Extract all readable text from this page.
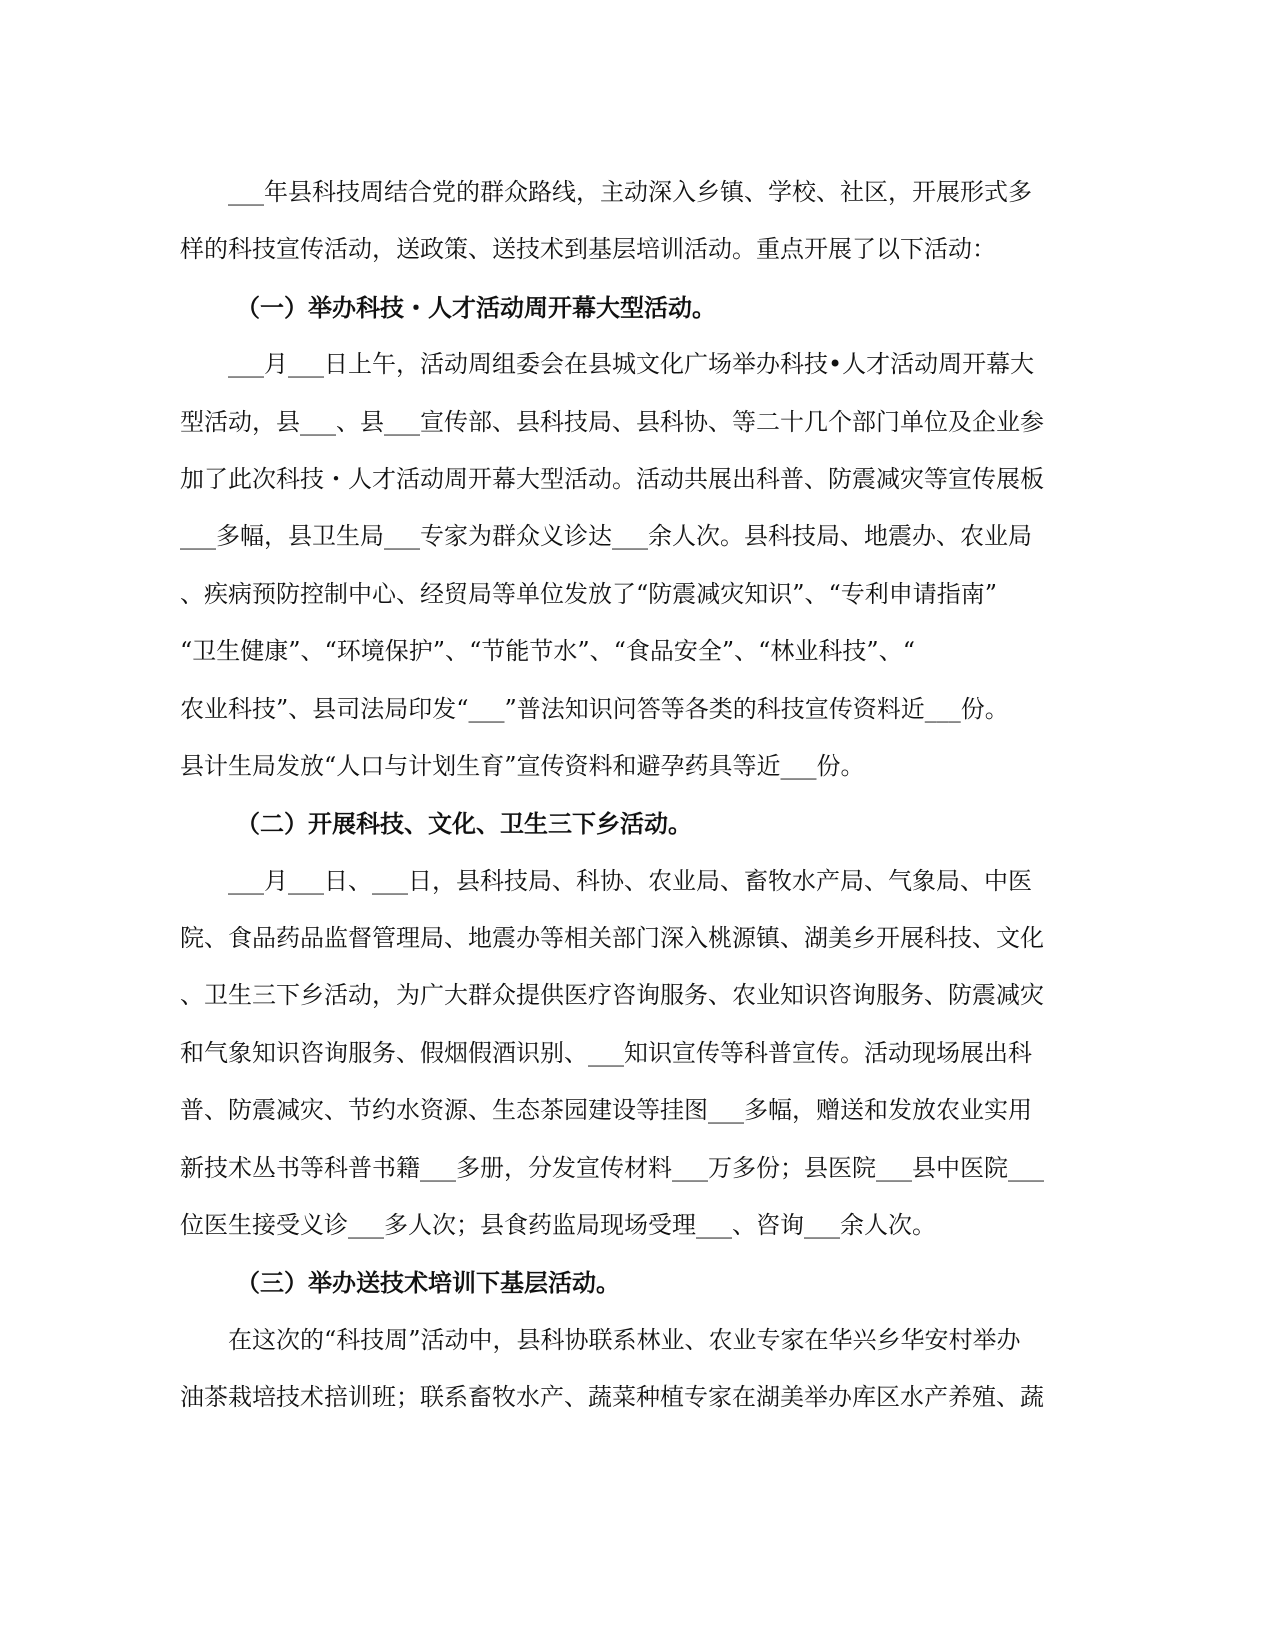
___年县科技周结合党的群众路线，主动深入乡镇、学校、社区，开展形式多
样的科技宣传活动，送政策、送技术到基层培训活动。重点开展了以下活动：
（一）举办科技・人才活动周开幕大型活动。
___月___日上午，活动周组委会在县城文化广场举办科技•人才活动周开幕大
型活动，县___、县___宣传部、县科技局、县科协、等二十几个部门单位及企业参
加了此次科技・人才活动周开幕大型活动。活动共展出科普、防震减灾等宣传展板
___多幅，县卫生局___专家为群众义诊达___余人次。县科技局、地震办、农业局
、疾病预防控制中心、经贸局等单位发放了“防震减灾知识”、“专利申请指南”
“卫生健康”、“环境保护”、“节能节水”、“食品安全”、“林业科技”、“
农业科技”、县司法局印发“___”普法知识问答等各类的科技宣传资料近___份。
县计生局发放“人口与计划生育”宣传资料和避孕药具等近___份。
（二）开展科技、文化、卫生三下乡活动。
___月___日、___日，县科技局、科协、农业局、畜牧水产局、气象局、中医
院、食品药品监督管理局、地震办等相关部门深入桃源镇、湖美乡开展科技、文化
、卫生三下乡活动，为广大群众提供医疗咨询服务、农业知识咨询服务、防震减灾
和气象知识咨询服务、假烟假酒识别、___知识宣传等科普宣传。活动现场展出科
普、防震减灾、节约水资源、生态茶园建设等挂图___多幅，赠送和发放农业实用
新技术丛书等科普书籍___多册，分发宣传材料___万多份；县医院___县中医院___
位医生接受义诊___多人次；县食药监局现场受理___、咨询___余人次。
（三）举办送技术培训下基层活动。
在这次的“科技周”活动中，县科协联系林业、农业专家在华兴乡华安村举办
油茶栽培技术掊训班；联系畜牧水产、蔬菜种植专家在湖美举办库区水产养殖、蔬
